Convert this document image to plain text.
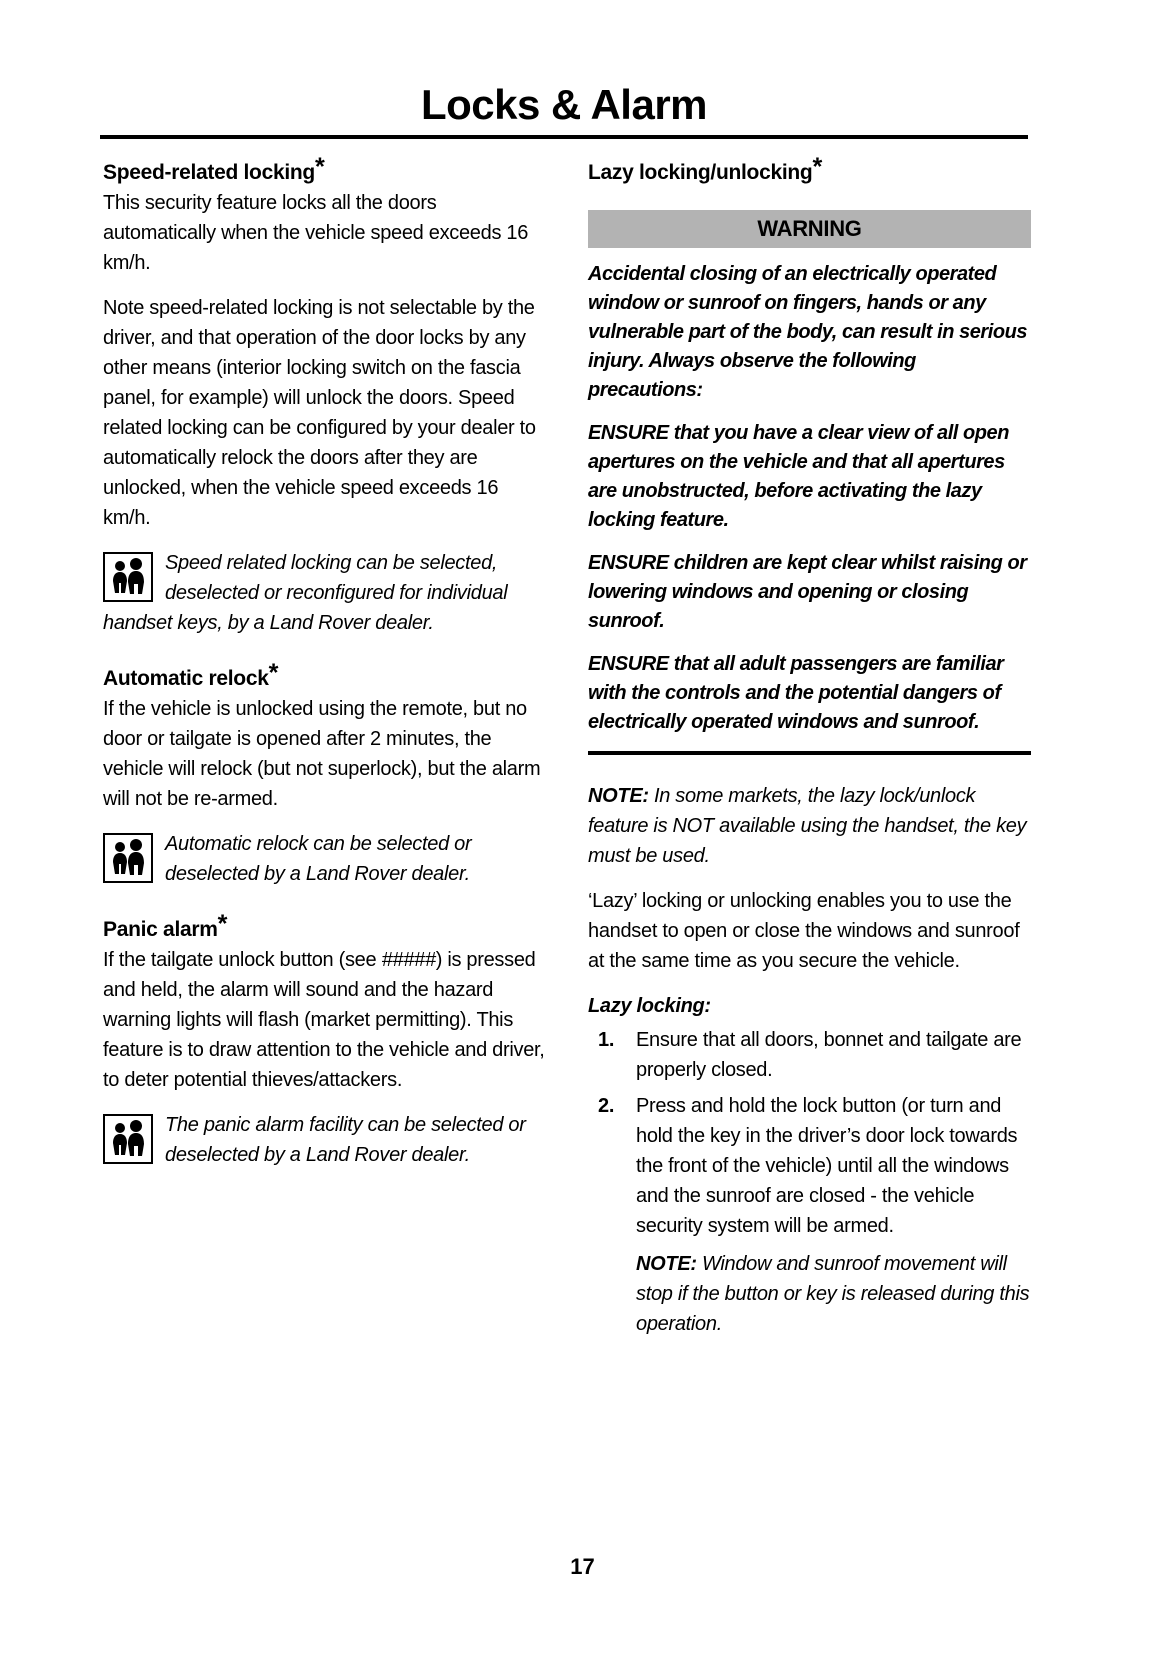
Locks & Alarm
Speed-related locking*

This security feature locks all the doors automatically when the vehicle speed exceeds 16 km/h.

Note speed-related locking is not selectable by the driver, and that operation of the door locks by any other means (interior locking switch on the fascia panel, for example) will unlock the doors. Speed related locking can be configured by your dealer to automatically relock the doors after they are unlocked, when the vehicle speed exceeds 16 km/h.

Speed related locking can be selected, deselected or reconfigured for individual handset keys, by a Land Rover dealer.
Automatic relock*

If the vehicle is unlocked using the remote, but no door or tailgate is opened after 2 minutes, the vehicle will relock (but not superlock), but the alarm will not be re-armed.

Automatic relock can be selected or deselected by a Land Rover dealer.
Panic alarm*

If the tailgate unlock button (see #####) is pressed and held, the alarm will sound and the hazard warning lights will flash (market permitting). This feature is to draw attention to the vehicle and driver, to deter potential thieves/attackers.

The panic alarm facility can be selected or deselected by a Land Rover dealer.
Lazy locking/unlocking*
WARNING

Accidental closing of an electrically operated window or sunroof on fingers, hands or any vulnerable part of the body, can result in serious injury. Always observe the following precautions:

ENSURE that you have a clear view of all open apertures on the vehicle and that all apertures are unobstructed, before activating the lazy locking feature.

ENSURE children are kept clear whilst raising or lowering windows and opening or closing sunroof.

ENSURE that all adult passengers are familiar with the controls and the potential dangers of electrically operated windows and sunroof.

NOTE: In some markets, the lazy lock/unlock feature is NOT available using the handset, the key must be used.

‘Lazy’ locking or unlocking enables you to use the handset to open or close the windows and sunroof at the same time as you secure the vehicle.

Lazy locking:
1.	Ensure that all doors, bonnet and tailgate are properly closed.
2.	Press and hold the lock button (or turn and hold the key in the driver’s door lock towards the front of the vehicle) until all the windows and the sunroof are closed - the vehicle security system will be armed.

NOTE: Window and sunroof movement will stop if the button or key is released during this operation.

17
